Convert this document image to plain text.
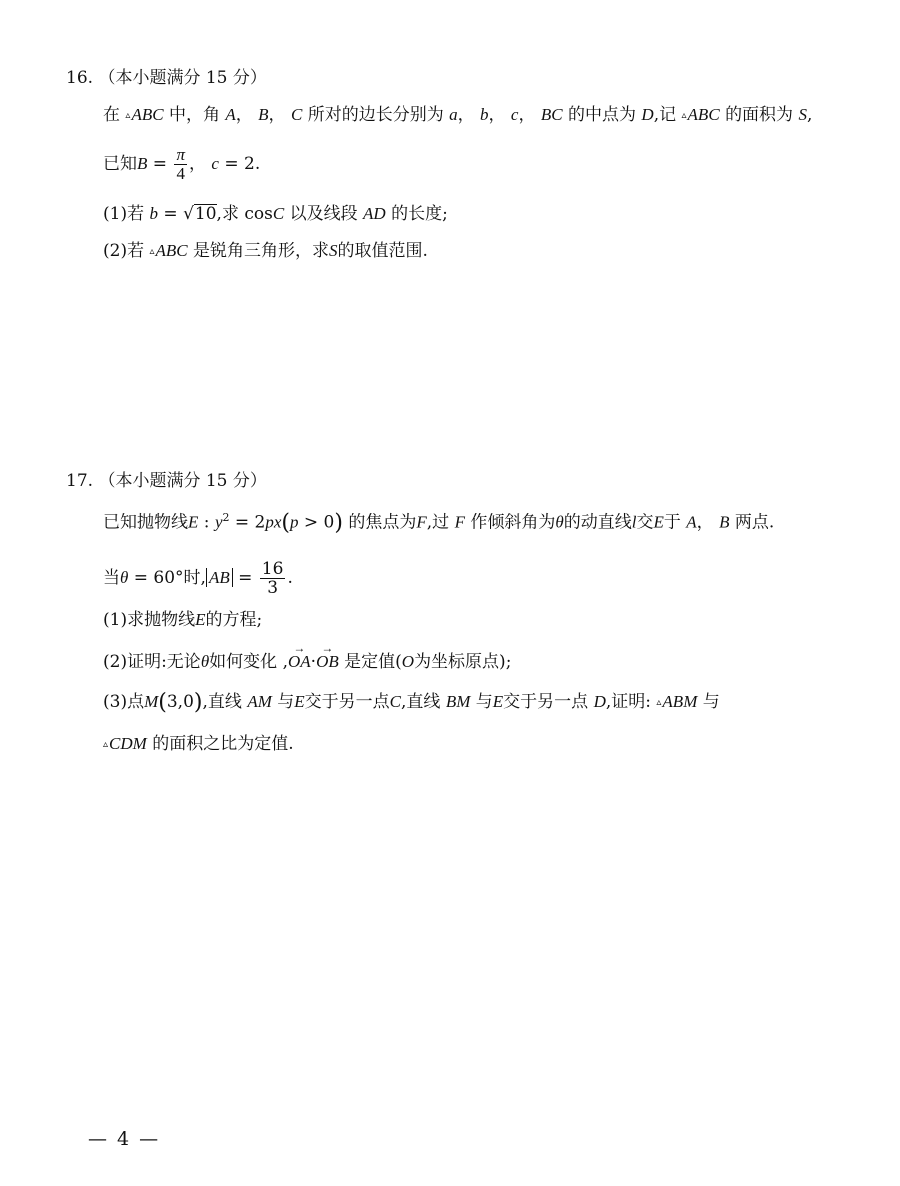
16. （本小题满分 15 分）
在 ▵ABC 中，角 A， B， C 所对的边长分别为 a， b， c， BC 的中点为 D,记 ▵ABC 的面积为 S,
已知$B = \frac{\pi}{4}$ ， c = 2.
(1)若 b = √10,求 cosC 以及线段 AD 的长度;
(2)若 ▵ABC 是锐角三角形，求S的取值范围.
17. （本小题满分 15 分）
已知抛物线E : $y^2 = 2px(p > 0)$ 的焦点为F,过 F 作倾斜角为θ的动直线l交E于 A， B 两点.
当θ = 60°时, AB = $\frac{16}{3}$ .
(1)求抛物线E的方程;
(2)证明:无论θ如何变化 ,→ OA·→ OB 是定值(O为坐标原点);
(3)点M(3,0),直线 AM 与E交于另一点C,直线 BM 与E交于另一点 D,证明: ▵ABM 与
▵CDM 的面积之比为定值.
— 4 —
